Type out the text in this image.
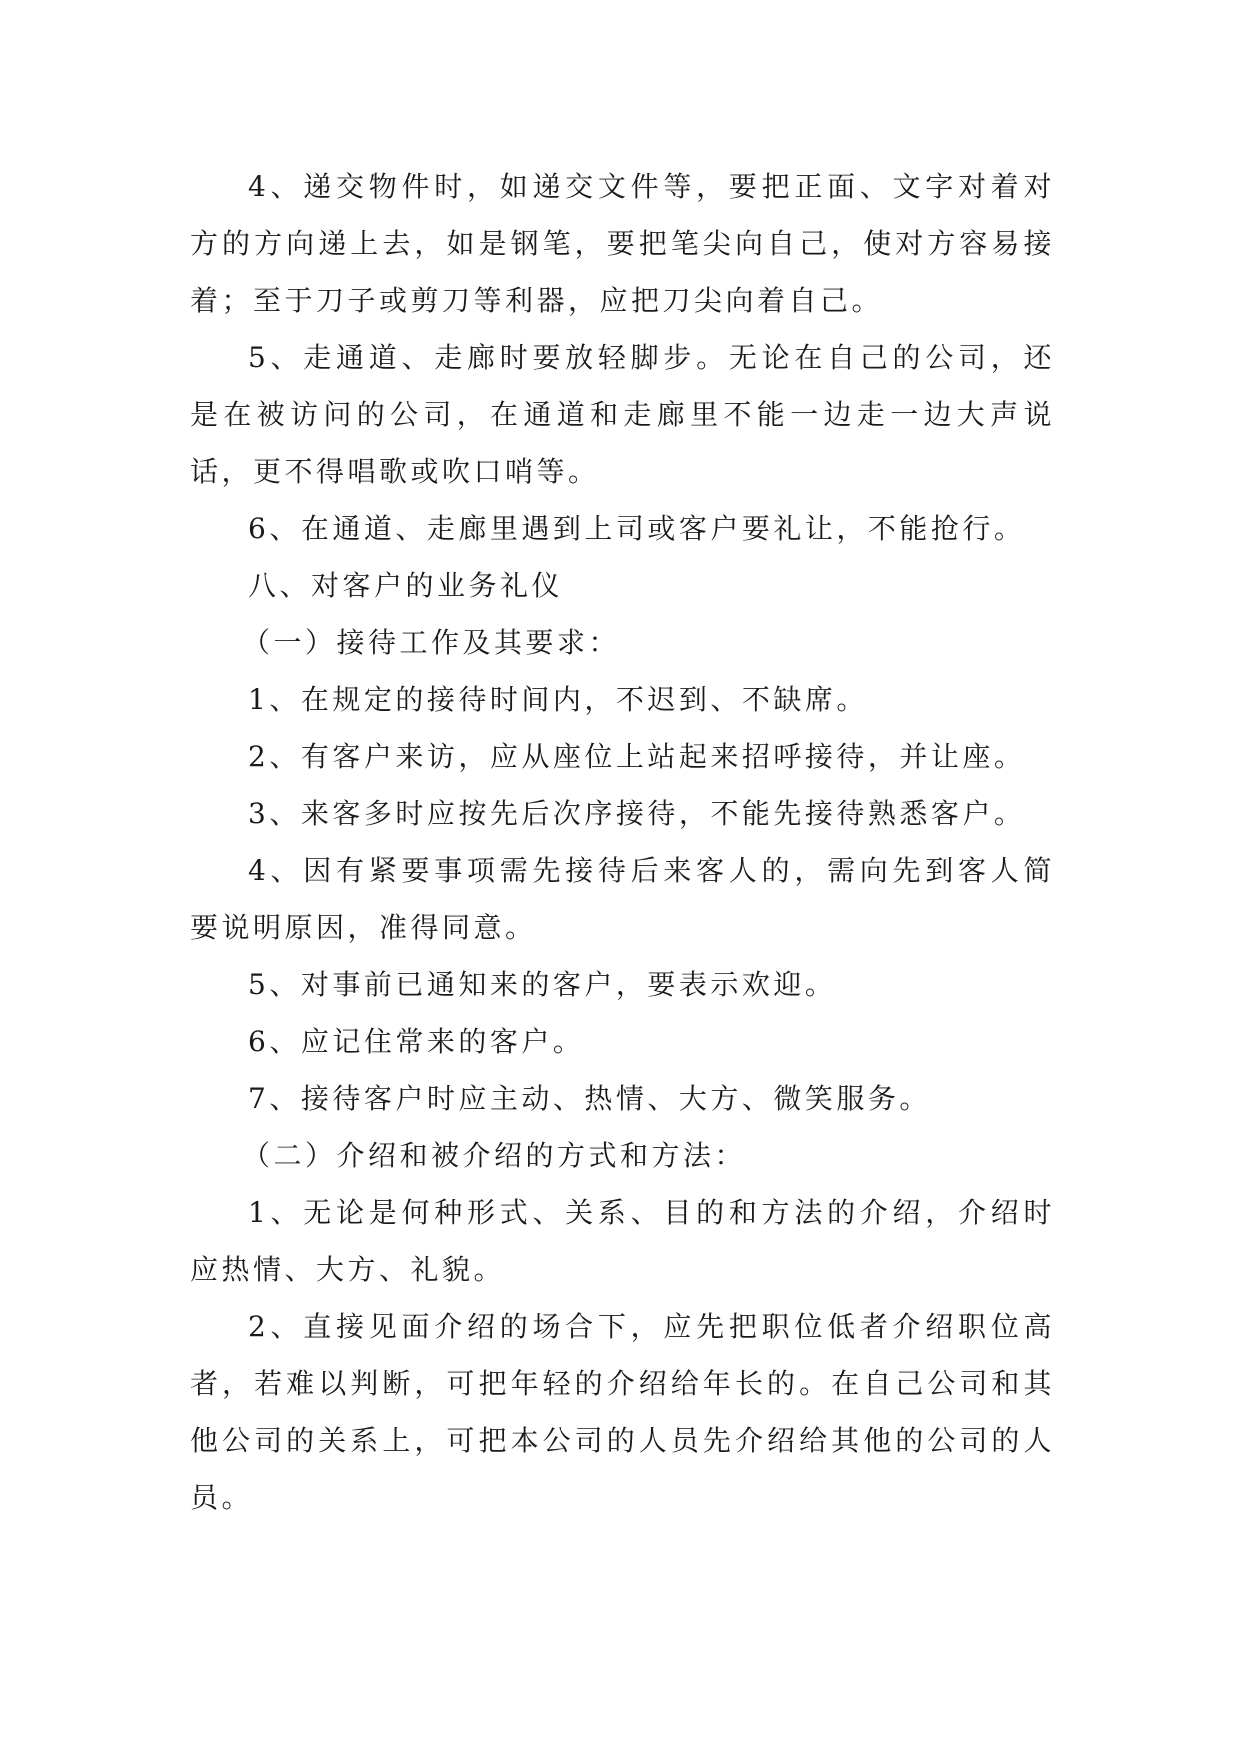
4、递交物件时，如递交文件等，要把正面、文字对着对方的方向递上去，如是钢笔，要把笔尖向自己，使对方容易接着；至于刀子或剪刀等利器，应把刀尖向着自己。

5、走通道、走廊时要放轻脚步。无论在自己的公司，还是在被访问的公司，在通道和走廊里不能一边走一边大声说话，更不得唱歌或吹口哨等。

6、在通道、走廊里遇到上司或客户要礼让，不能抢行。

八、对客户的业务礼仪

（一）接待工作及其要求：

1、在规定的接待时间内，不迟到、不缺席。

2、有客户来访，应从座位上站起来招呼接待，并让座。

3、来客多时应按先后次序接待，不能先接待熟悉客户。

4、因有紧要事项需先接待后来客人的，需向先到客人简要说明原因，准得同意。

5、对事前已通知来的客户，要表示欢迎。

6、应记住常来的客户。

7、接待客户时应主动、热情、大方、微笑服务。

（二）介绍和被介绍的方式和方法：

1、无论是何种形式、关系、目的和方法的介绍，介绍时应热情、大方、礼貌。

2、直接见面介绍的场合下，应先把职位低者介绍职位高者，若难以判断，可把年轻的介绍给年长的。在自己公司和其他公司的关系上，可把本公司的人员先介绍给其他的公司的人员。
